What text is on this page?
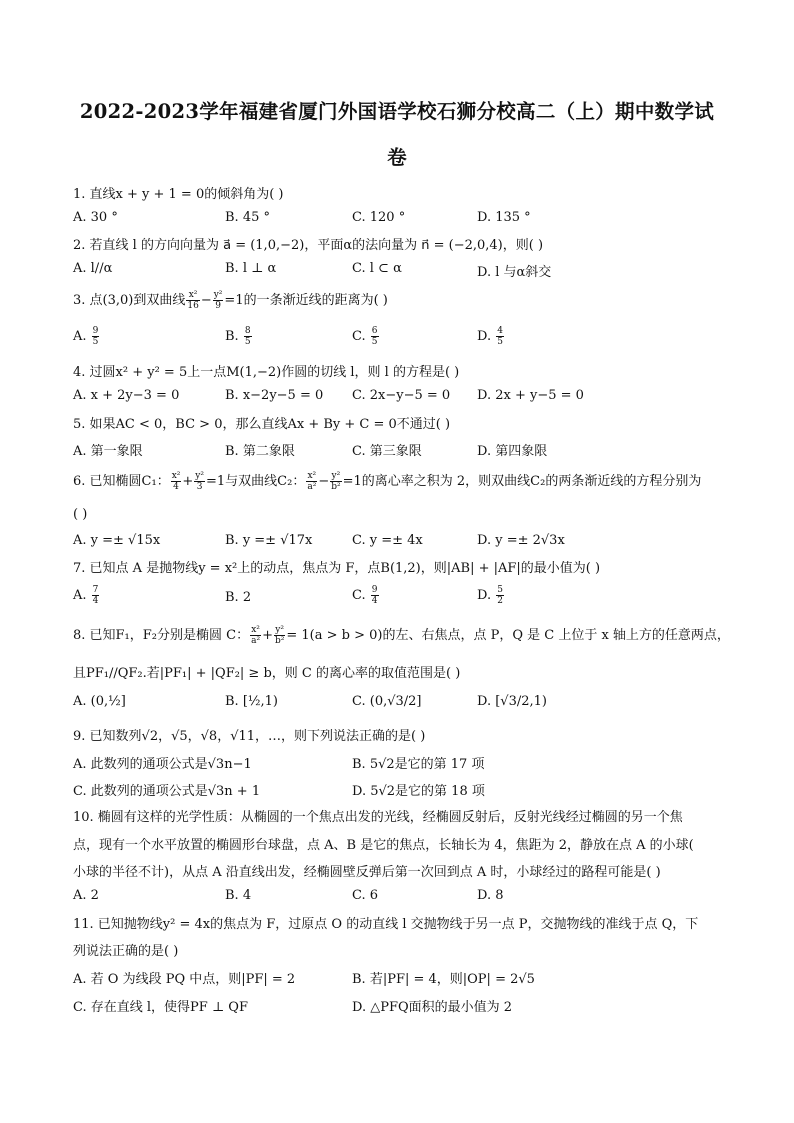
2022-2023学年福建省厦门外国语学校石狮分校高二（上）期中数学试
卷
1. 直线x + y + 1 = 0的倾斜角为( )
A. 30 °	B. 45 °	C. 120 °	D. 135 °
2. 若直线 l 的方向向量为 a⃗ = (1,0,−2)，平面α的法向量为 n⃗ = (−2,0,4)，则( )
A. l//α	B. l ⊥ α	C. l ⊂ α	D. l 与α斜交
3. 点(3,0)到双曲线 $\frac{\text{x²}}{16} - \frac{\text{y²}}{9} =1$的一条渐近线的距离为( )
A. $\frac{9}{5}$	B. $\frac{8}{5}$	C. $\frac{6}{5}$	D. $\frac{4}{5}$
4. 过圆x² + y² = 5上一点M(1,−2)作圆的切线 l，则 l 的方程是( )
A. x + 2y−3 = 0	B. x−2y−5 = 0 C. 2x−y−5 = 0 D. 2x + y−5 = 0
5. 如果AC < 0，BC > 0，那么直线Ax + By + C = 0不通过( )
A. 第一象限	B. 第二象限	C. 第三象限	D. 第四象限
6. 已知椭圆C₁： $\frac{\text{x²}}{4} + \frac{\text{y²}}{3} =1$与双曲线C₂： $\frac{\text{x²}}{\text{a²}} - \frac{\text{y²}}{\text{b²}} =1$的离心率之积为 2，则双曲线C₂的两条渐近线的方程分别为
( )
A. y =± √15x	B. y =± √17x	C. y =± 4x	D. y =± 2√3x
7. 已知点 A 是抛物线y = x²上的动点，焦点为 F，点B(1,2)，则|AB| + |AF|的最小值为( )
A. $\frac{7}{4}$	B. 2	C. $\frac{9}{4}$	D. $\frac{5}{2}$
8. 已知F₁，F₂分别是椭圆 C： $\frac{\text{x²}}{\text{a²}} + \frac{\text{y²}}{\text{b²}} = 1(a > b > 0)$的左、右焦点，点 P，Q 是 C 上位于 x 轴上方的任意两点，
且PF₁//QF₂.若|PF₁| + |QF₂| ≥ b，则 C 的离心率的取值范围是( )
A. (0,½]	B. [½,1)	C. (0,√3/2]	D. [√3/2,1)
9. 已知数列√2，√5，√8，√11，…，则下列说法正确的是( )
A. 此数列的通项公式是√3n−1	B. 5√2是它的第 17 项
C. 此数列的通项公式是√3n + 1	D. 5√2是它的第 18 项
10. 椭圆有这样的光学性质：从椭圆的一个焦点出发的光线，经椭圆反射后，反射光线经过椭圆的另一个焦
点，现有一个水平放置的椭圆形台球盘，点 A、B 是它的焦点，长轴长为 4，焦距为 2，静放在点 A 的小球(
小球的半径不计)，从点 A 沿直线出发，经椭圆壁反弹后第一次回到点 A 时，小球经过的路程可能是( )
A. 2	B. 4	C. 6	D. 8
11. 已知抛物线y² = 4x的焦点为 F，过原点 O 的动直线 l 交抛物线于另一点 P，交抛物线的准线于点 Q，下
列说法正确的是( )
A. 若 O 为线段 PQ 中点，则|PF| = 2	B. 若|PF| = 4，则|OP| = 2√5
C. 存在直线 l，使得PF ⊥ QF	D. △PFQ面积的最小值为 2
